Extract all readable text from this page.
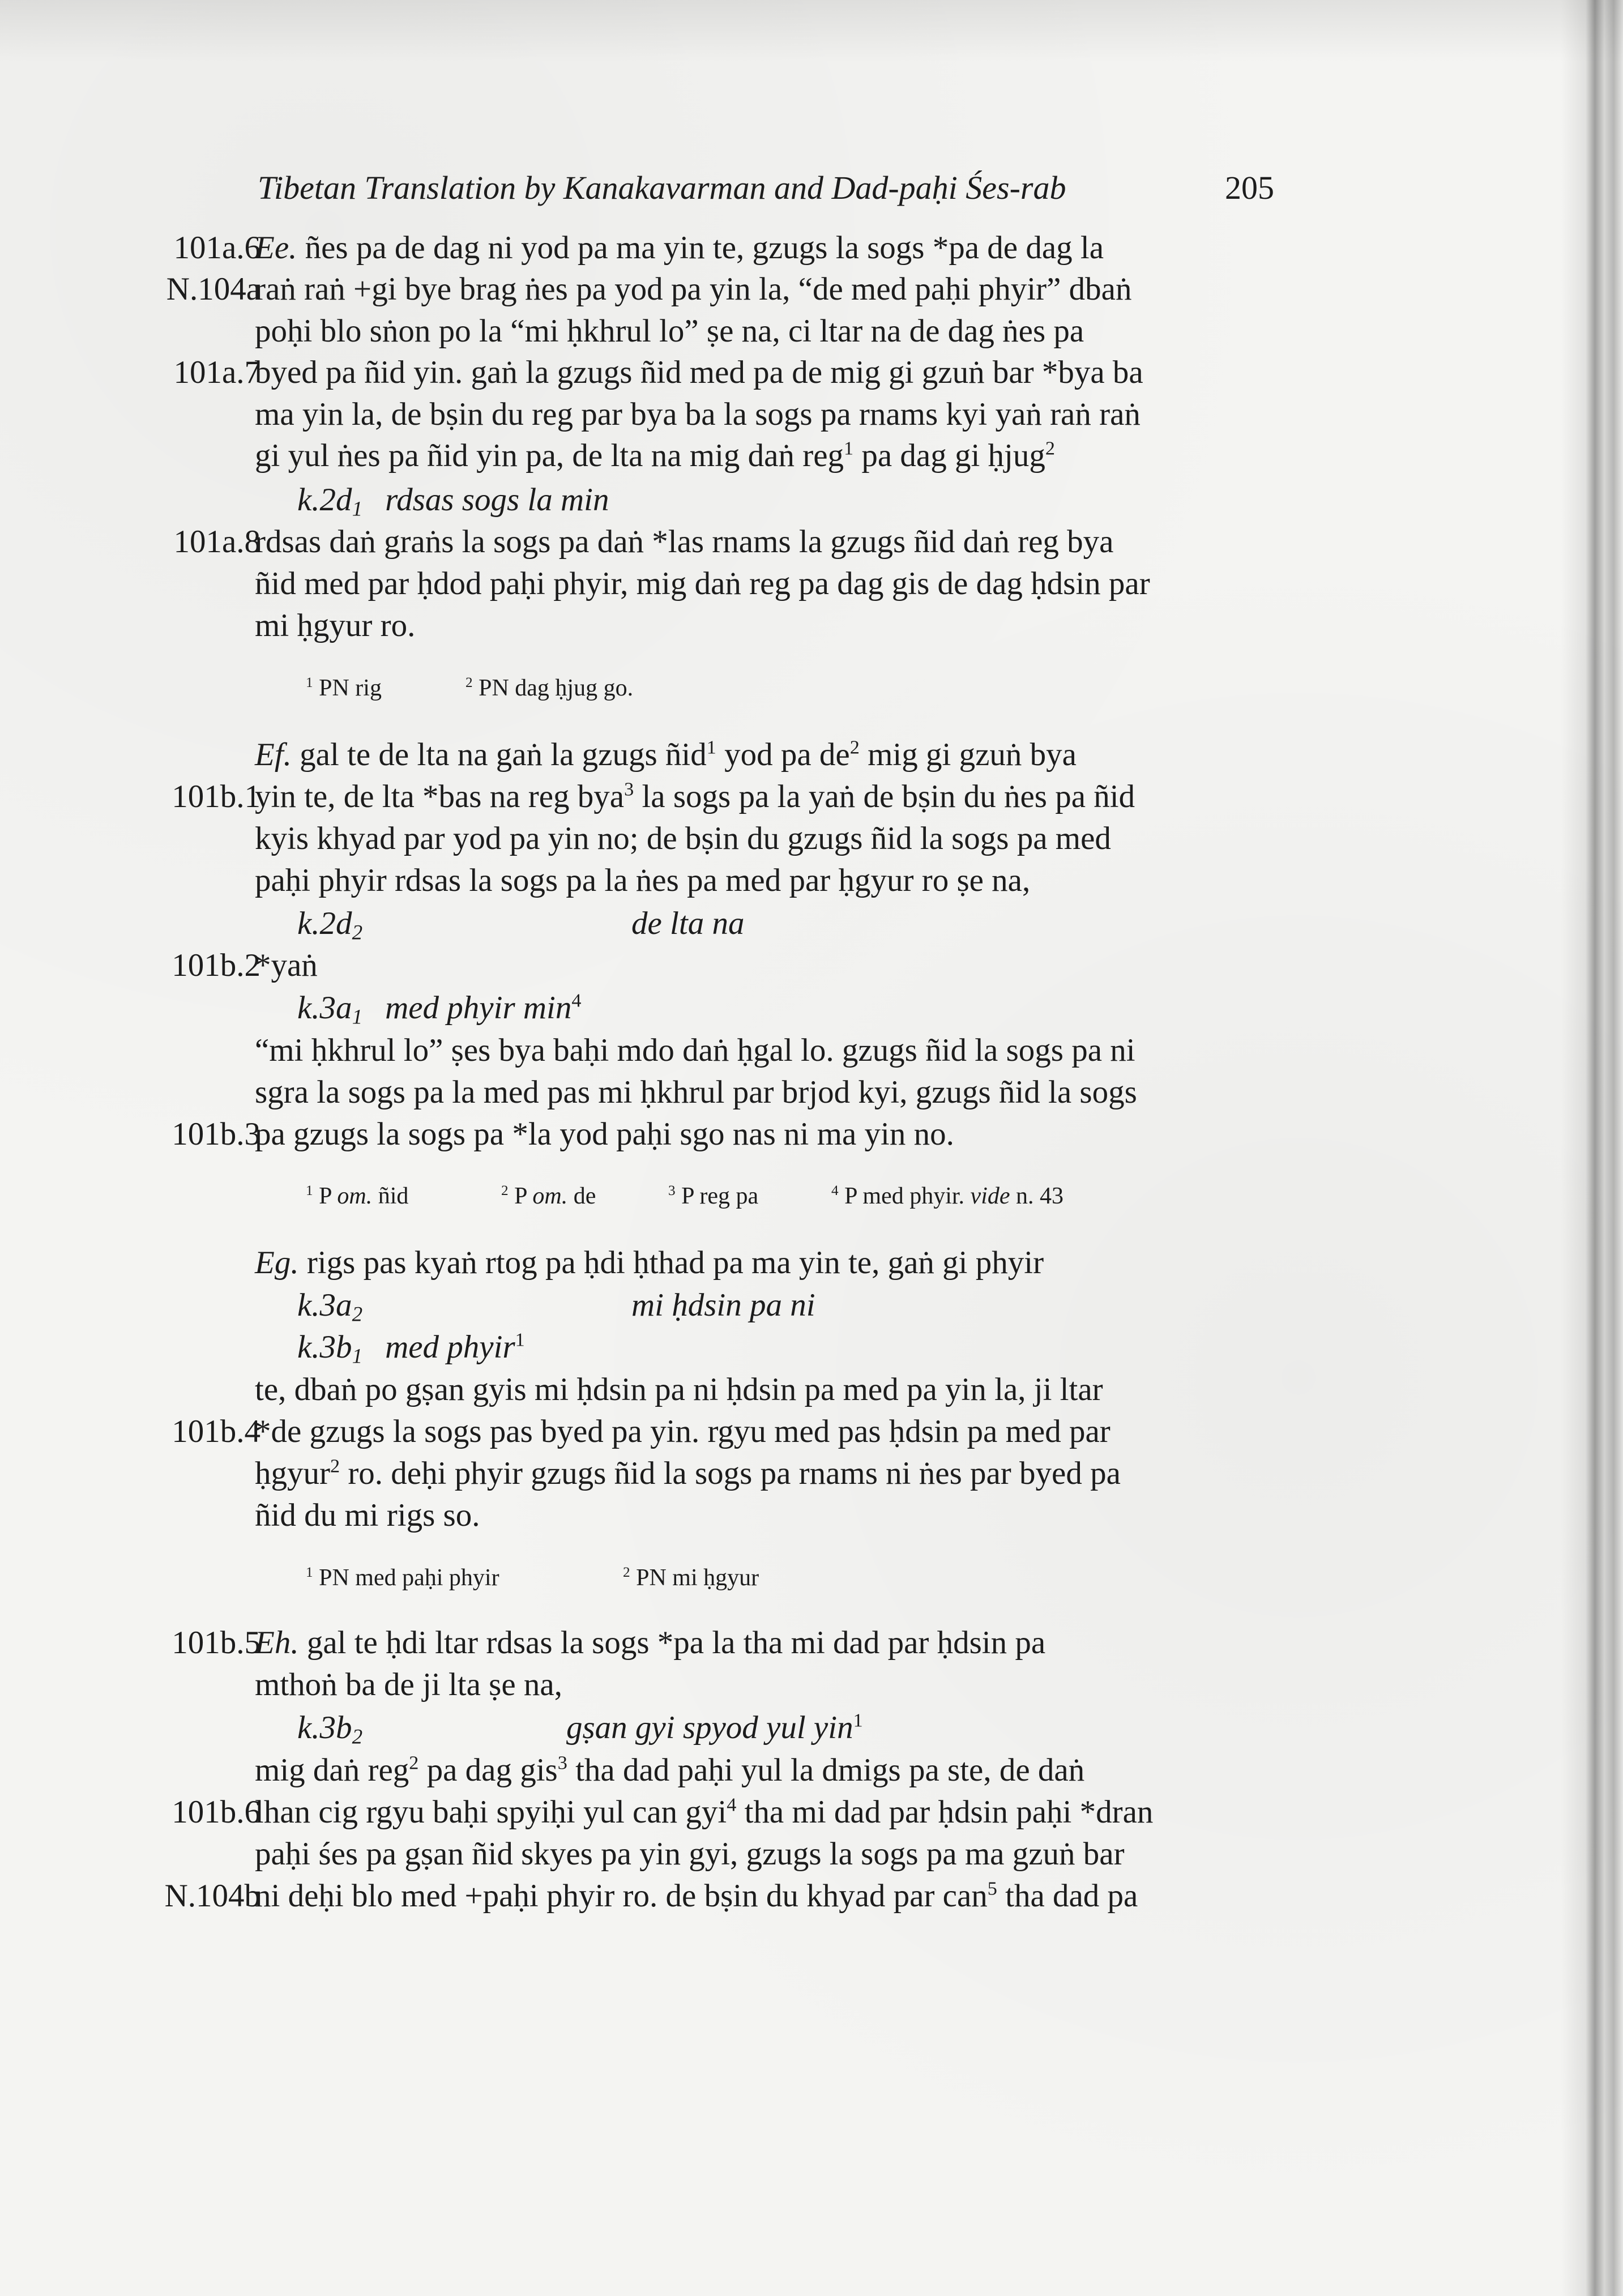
Tibetan Translation by Kanakavarman and Dad-paḥi Śes-rab	205
101a.6
Ee. ñes pa de dag ni yod pa ma yin te, gzugs la sogs *pa de dag la
N.104a
raṅ raṅ +gi bye brag ṅes pa yod pa yin la, “de med paḥi phyir” dbaṅ
poḥi blo sṅon po la “mi ḥkhrul lo” ṣe na, ci ltar na de dag ṅes pa
101a.7
byed pa ñid yin. gaṅ la gzugs ñid med pa de mig gi gzuṅ bar *bya ba
ma yin la, de bṣin du reg par bya ba la sogs pa rnams kyi yaṅ raṅ raṅ
gi yul ṅes pa ñid yin pa, de lta na mig daṅ reg$^1$ pa dag gi ḥjug$^2$
$k.2d_1$ rdsas sogs la min
101a.8
rdsas daṅ graṅs la sogs pa daṅ *las rnams la gzugs ñid daṅ reg bya
ñid med par ḥdod paḥi phyir, mig daṅ reg pa dag gis de dag ḥdsin par
mi ḥgyur ro.
$^1$ PN rig	$^2$ PN dag ḥjug go.
Ef. gal te de lta na gaṅ la gzugs ñid$^1$ yod pa $de^2$ mig gi gzuṅ bya
101b.1
yin te, de lta *bas na reg bya$^3$ la sogs pa la yaṅ de bṣin du ṅes pa ñid
kyis khyad par yod pa yin no; de bṣin du gzugs ñid la sogs pa med
paḥi phyir rdsas la sogs pa la ṅes pa med par ḥgyur ro ṣe na,
$k.2d_2$	de lta na
101b.2
*yaṅ
$k.3a_1$ med phyir $\min^4$
“mi ḥkhrul lo” ṣes bya baḥi mdo daṅ ḥgal lo. gzugs ñid la sogs pa ni
sgra la sogs pa la med pas mi ḥkhrul par brjod kyi, gzugs ñid la sogs
101b.3
pa gzugs la sogs pa *la yod paḥi sgo nas ni ma yin no.
$^1$ P om. ñid	$^2$ P om. de	$^3$ P reg pa	$^4$ P med phyir. vide n. 43
Eg. rigs pas kyaṅ rtog pa ḥdi ḥthad pa ma yin te, gaṅ gi phyir
$k.3a_2$	mi ḥdsin pa ni
$k.3b_1$ med phyir$^1$
te, dbaṅ po gṣan gyis mi ḥdsin pa ni ḥdsin pa med pa yin la, ji ltar
101b.4
*de gzugs la sogs pas byed pa yin. rgyu med pas ḥdsin pa med par
ḥgyur$^2$ ro. deḥi phyir gzugs ñid la sogs pa rnams ni ṅes par byed pa
ñid du mi rigs so.
$^1$ PN med paḥi phyir	$^2$ PN mi ḥgyur
101b.5
Eh. gal te ḥdi ltar rdsas la sogs *pa la tha mi dad par ḥdsin pa
mthoṅ ba de ji lta ṣe na,
$k.3b_2$	gṣan gyi spyod yul yin$^1$
mig daṅ reg$^2$ pa dag gis$^3$ tha dad paḥi yul la dmigs pa ste, de daṅ
101b.6
lhan cig rgyu baḥi spyiḥi yul can gyi$^4$ tha mi dad par ḥdsin paḥi *dran
paḥi śes pa gṣan ñid skyes pa yin gyi, gzugs la sogs pa ma gzuṅ bar
N.104b
ni deḥi blo med +paḥi phyir ro. de bṣin du khyad par can$^5$ tha dad pa
